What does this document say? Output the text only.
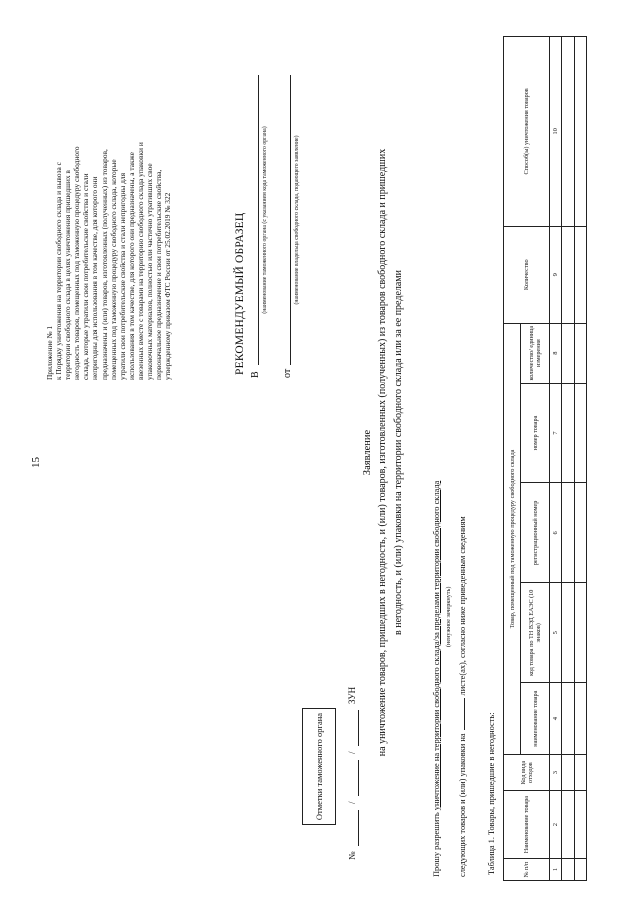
15
Приложение № 1 к Порядку уничтожения на территории свободного склада и вывоза с территории свободного склада в целях уничтожения пришедших в негодность товаров, помещенных под таможенную процедуру свободного склада, которые утратили свои потребительские свойства и стали непригодны для использования в том качестве, для которого они предназначены и (или) товаров, изготовленных (полученных) из товаров, помещенных под таможенную процедуру свободного склада, которые утратили свои потребительские свойства и стали непригодны для использования в том качестве, для которого они предназначены, а также ввезенных вместе с товарами на территорию свободного склада упаковки и упаковочных материалов, полностью или частично утративших свое первоначальное предназначение и свои потребительские свойства, утвержденному приказом ФТС России от 25.02.2019 № 322	РЕКОМЕНДУЕМЫЙ ОБРАЗЕЦ В
(наименование таможенного органа (с указанием кода таможенного органа)
от
(наименование владельца свободного склада, подающего заявление)
Отметки таможенного органа
№
/
/
ЗУН
Заявление на уничтожение товаров, пришедших в негодность, и (или) товаров, изготовленных (полученных) из товаров свободного склада и пришедших в негодность, и (или) упаковки на территории свободного склада или за ее пределами
Прошу разрешить уничтожение на территории свободного склада/за пределами территории свободного склада (ненужное зачеркнуть)
следующих товаров и (или) упаковки налисте(ах), согласно ниже приведенным сведениям
Таблица 1. Товары, пришедшие в негодность:	№ п/п	Наименование товара	Код вида отходов	Товар, помещенный под таможенную процедуру свободного склада					Количество	Способ(ы) уничтожения товаров
			наименование товара	код товара по ТН ВЭД ЕАЭС (10 знаков)	регистрационный номер	номер товара	количество/ единица измерения		
1	2	3	4	5	6	7	8	9	10
